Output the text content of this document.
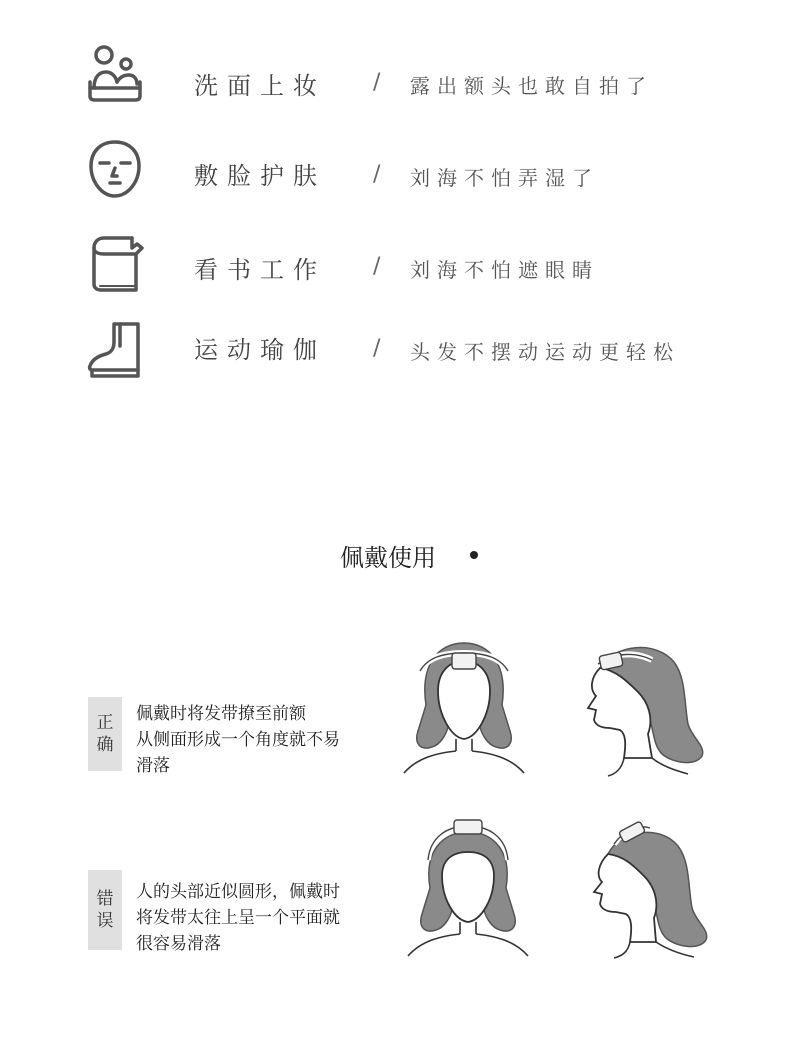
洗面上妆 / 露出额头也敢自拍了
敷脸护肤 / 刘海不怕弄湿了
看书工作 / 刘海不怕遮眼睛
运动瑜伽 / 头发不摆动运动更轻松
佩戴使用
正
确
佩戴时将发带撩至前额
从侧面形成一个角度就不易
滑落
错
误
人的头部近似圆形，佩戴时
将发带太往上呈一个平面就
很容易滑落
